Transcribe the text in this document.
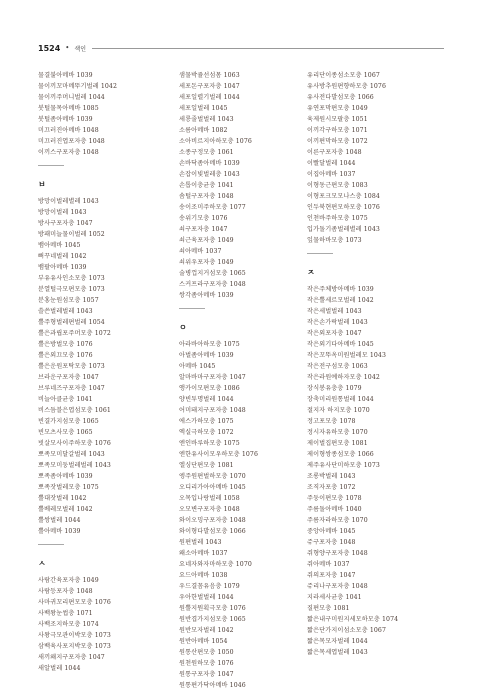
1524 • 색인
물결불아메바 1039
물이끼꼬마메뚜기벌레 1042
물이끼주머니벌레 1044
붓털물목아메바 1085
붓털좀아메바 1039
미끄러진아메바 1048
미끄러진엽포자충 1048
이끼스구포자충 1048
ㅂ
방망이벌레별레 1043
방망이벌레 1043
방사구포자충 1047
방패미늘물이벌레 1052
뱀아메바 1045
뻐꾸네벌레 1042
뱀팔아메바 1039
부유유사인소모충 1073
분열털극모편모충 1073
분홍눈원섬모충 1057
쓸쓴벌레벌레 1043
뿔주형벌레편벌레 1054
뿔은과립포주머모충 1072
뿔은방벌모충 1076
뿔은외끄모충 1076
뿔은운원포탁모충 1073
브라운구포자충 1047
브루네즈구포자충 1047
비늘아클균충 1041
비스듬블은엽섬모충 1061
빈결가지섬모충 1065
빈모츠사모충 1065
빗살모사이주하모충 1076
뽀족모미달갈벌레 1043
뽀족모미둥벌레벌레 1043
뽀족좀아메바 1039
뽀족잣벌레모충 1075
뿔대잣벌레 1042
뿔베레모벌레 1042
뿔쌍벌레 1044
뿔아메바 1039
ㅅ
사람간육포자충 1049
사람등포자충 1048
사마귀꼬리편모모충 1076
사백왕눈썹충 1071
사백조지하모충 1074
사왕극모관이박모충 1073
삼백육사포지박모충 1073
새끼왜지구포자충 1047
새알벌레 1044
샘물박쥴선섬몸 1063
세포돈구포자충 1047
세포일렬기벌레 1044
세포일벌레 1045
세룡줄벌벌레 1043
소름아메바 1082
소아비르지아하모충 1076
소종구정모충 1061
손바닥좀아메바 1039
손잡이빛벌레충 1043
손톱이충균충 1041
솜털구포자충 1048
송이조미주하모충 1077
송위기모충 1076
쇠구포자충 1047
쇠근육포자충 1049
쇠아메바 1037
쇠위우포자충 1049
술병껍지거섬모충 1065
스커프라구포자충 1048
쌍각좀아메바 1039
ㅇ
아라바아하모충 1075
아벌좀아메바 1039
아메바 1045
알마바마구포자충 1047
앵카이모편모충 1086
양빈투명벌레 1044
어미돼지구포자충 1048
에스가하모충 1075
엑실극하모충 1072
엔인바루하모충 1075
엔한유사이모우하모충 1076
엘싱단편모충 1081
엥주원편벌하모충 1070
오디리가아아메바 1045
오목입나랑벌레 1058
오모변구포자충 1048
와이오밍구포자충 1048
와이형다발섬모충 1066
원편벌레 1043
왜소아메바 1037
요네자와자마하모충 1070
요드아메바 1038
우드결꼼유음충 1079
우아한벌벌레 1044
원뿔지뭔획극모충 1076
원반겹가지섬모충 1065
원반모자벌레 1042
원반아메바 1054
원통산편모충 1050
원천원하모충 1076
원통구포자충 1047
원통편가닥아메바 1046
유리단이종섬소모충 1067
유사방추원편향하모충 1076
유사전다발섬모충 1066
유연포막편모충 1049
육제원시모팔충 1051
이끼각구하모충 1071
이끼편막하모충 1072
이른구포자충 1048
이빨달벌레 1044
이집아메바 1037
이형동근편모충 1083
이형포크모모나스충 1084
인두북현편모하모충 1076
인천바주하모충 1075
입가돌기좀벌레별레 1043
잎물하바모충 1073
ㅈ
작은주체방아메바 1039
작은뿔세르모벌레 1042
작은세벌벌레 1043
작은손가락벌레 1043
작은외포자충 1047
작은외기다아메바 1045
작은꼬뚜옥미원벌레모 1043
작은전구섬모충 1063
작은라원예하자모충 1042
장식봉유충충 1079
장축미리원통벌레 1044
절지자 하지모충 1070
정고포모충 1078
정시자유하모충 1070
제이벌집편모충 1081
제이형쌍종섬모충 1066
제주유사단미하모충 1073
조롱박벌레 1043
조직자포충 1072
주둥이편모충 1078
주름돌아메바 1040
주름자라하모충 1070
중앙아메바 1045
쥬구포자충 1048
쥐형양구포자충 1048
쥐아메바 1037
쥐의포자충 1047
쥬리나구포자충 1048
지라세사균충 1041
질편모충 1081
짧은내구미원지세모하모충 1074
짧은단가지이섬소모충 1067
짧은목모자벌레 1044
짧은목세엽벌레 1043
